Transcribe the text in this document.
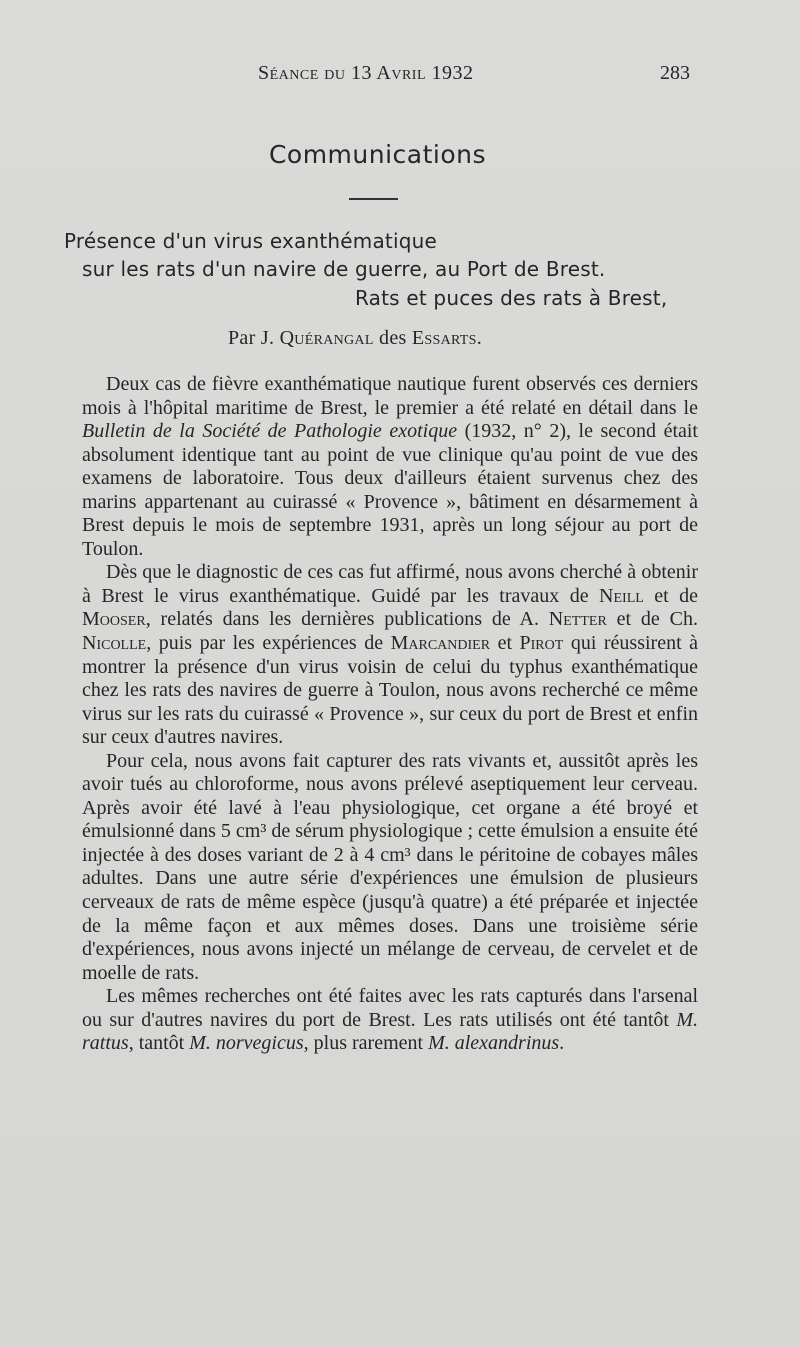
Séance du 13 Avril 1932	283
Communications
Présence d'un virus exanthématique
sur les rats d'un navire de guerre, au Port de Brest.
Rats et puces des rats à Brest,
Par J. Quérangal des Essarts.

Deux cas de fièvre exanthématique nautique furent observés ces derniers mois à l'hôpital maritime de Brest, le premier a été relaté en détail dans le Bulletin de la Société de Pathologie exotique (1932, n° 2), le second était absolument identique tant au point de vue clinique qu'au point de vue des examens de laboratoire. Tous deux d'ailleurs étaient survenus chez des marins appartenant au cuirassé « Provence », bâtiment en désarmement à Brest depuis le mois de septembre 1931, après un long séjour au port de Toulon.

Dès que le diagnostic de ces cas fut affirmé, nous avons cherché à obtenir à Brest le virus exanthématique. Guidé par les travaux de Neill et de Mooser, relatés dans les dernières publications de A. Netter et de Ch. Nicolle, puis par les expériences de Marcandier et Pirot qui réussirent à montrer la présence d'un virus voisin de celui du typhus exanthématique chez les rats des navires de guerre à Toulon, nous avons recherché ce même virus sur les rats du cuirassé « Provence », sur ceux du port de Brest et enfin sur ceux d'autres navires.

Pour cela, nous avons fait capturer des rats vivants et, aussitôt après les avoir tués au chloroforme, nous avons prélevé aseptiquement leur cerveau. Après avoir été lavé à l'eau physiologique, cet organe a été broyé et émulsionné dans 5 cm³ de sérum physiologique ; cette émulsion a ensuite été injectée à des doses variant de 2 à 4 cm³ dans le péritoine de cobayes mâles adultes. Dans une autre série d'expériences une émulsion de plusieurs cerveaux de rats de même espèce (jusqu'à quatre) a été préparée et injectée de la même façon et aux mêmes doses. Dans une troisième série d'expériences, nous avons injecté un mélange de cerveau, de cervelet et de moelle de rats.

Les mêmes recherches ont été faites avec les rats capturés dans l'arsenal ou sur d'autres navires du port de Brest. Les rats utilisés ont été tantôt M. rattus, tantôt M. norvegicus, plus rarement M. alexandrinus.
